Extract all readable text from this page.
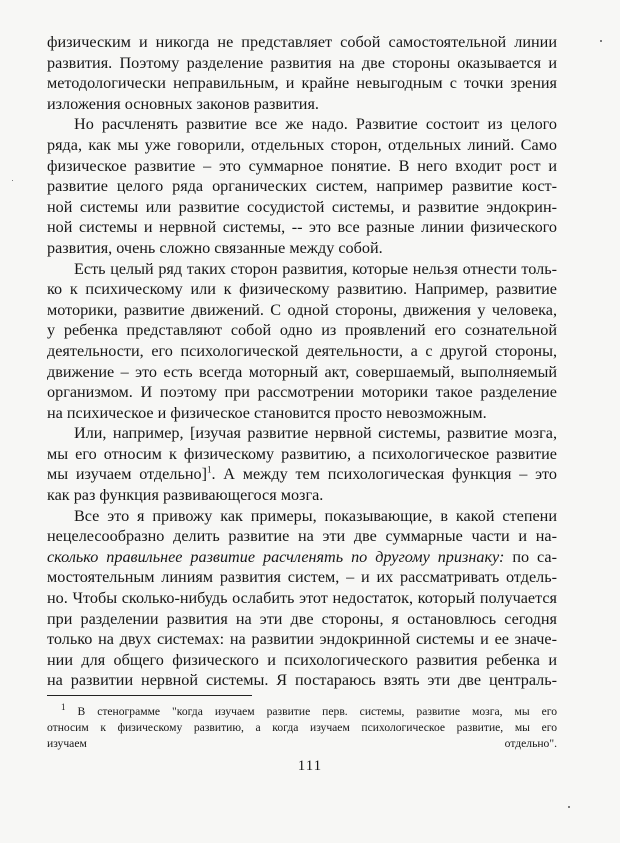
физическим и никогда не представляет собой самостоятельной линии
развития. Поэтому разделение развития на две стороны оказывается и
методологически неправильным, и крайне невыгодным с точки зрения
изложения основных законов развития.

Но расчленять развитие все же надо. Развитие состоит из целого
ряда, как мы уже говорили, отдельных сторон, отдельных линий. Само
физическое развитие – это суммарное понятие. В него входит рост и
развитие целого ряда органических систем, например развитие кост-
ной системы или развитие сосудистой системы, и развитие эндокрин-
ной системы и нервной системы, -- это все разные линии физического
развития, очень сложно связанные между собой.

Есть целый ряд таких сторон развития, которые нельзя отнести толь-
ко к психическому или к физическому развитию. Например, развитие
моторики, развитие движений. С одной стороны, движения у человека,
у ребенка представляют собой одно из проявлений его сознательной
деятельности, его психологической деятельности, а с другой стороны,
движение – это есть всегда моторный акт, совершаемый, выполняемый
организмом. И поэтому при рассмотрении моторики такое разделение
на психическое и физическое становится просто невозможным.

Или, например, [изучая развитие нервной системы, развитие мозга,
мы его относим к физическому развитию, а психологическое развитие
мы изучаем отдельно]$^1$. А между тем психологическая функция – это
как раз функция развивающегося мозга.

Все это я привожу как примеры, показывающие, в какой степени
нецелесообразно делить развитие на эти две суммарные части и на-
сколько правильнее развитие расчленять по другому признаку: по са-
мостоятельным линиям развития систем, – и их рассматривать отдель-
но. Чтобы сколько-нибудь ослабить этот недостаток, который получается
при разделении развития на эти две стороны, я остановлюсь сегодня
только на двух системах: на развитии эндокринной системы и ее значе-
нии для общего физического и психологического развития ребенка и
на развитии нервной системы. Я постараюсь взять эти две централь-

$^1$ В стенограмме "когда изучаем развитие перв. системы, развитие мозга, мы его
относим к физическому развитию, а когда изучаем психологическое развитие, мы его
изучаем отдельно".
111
